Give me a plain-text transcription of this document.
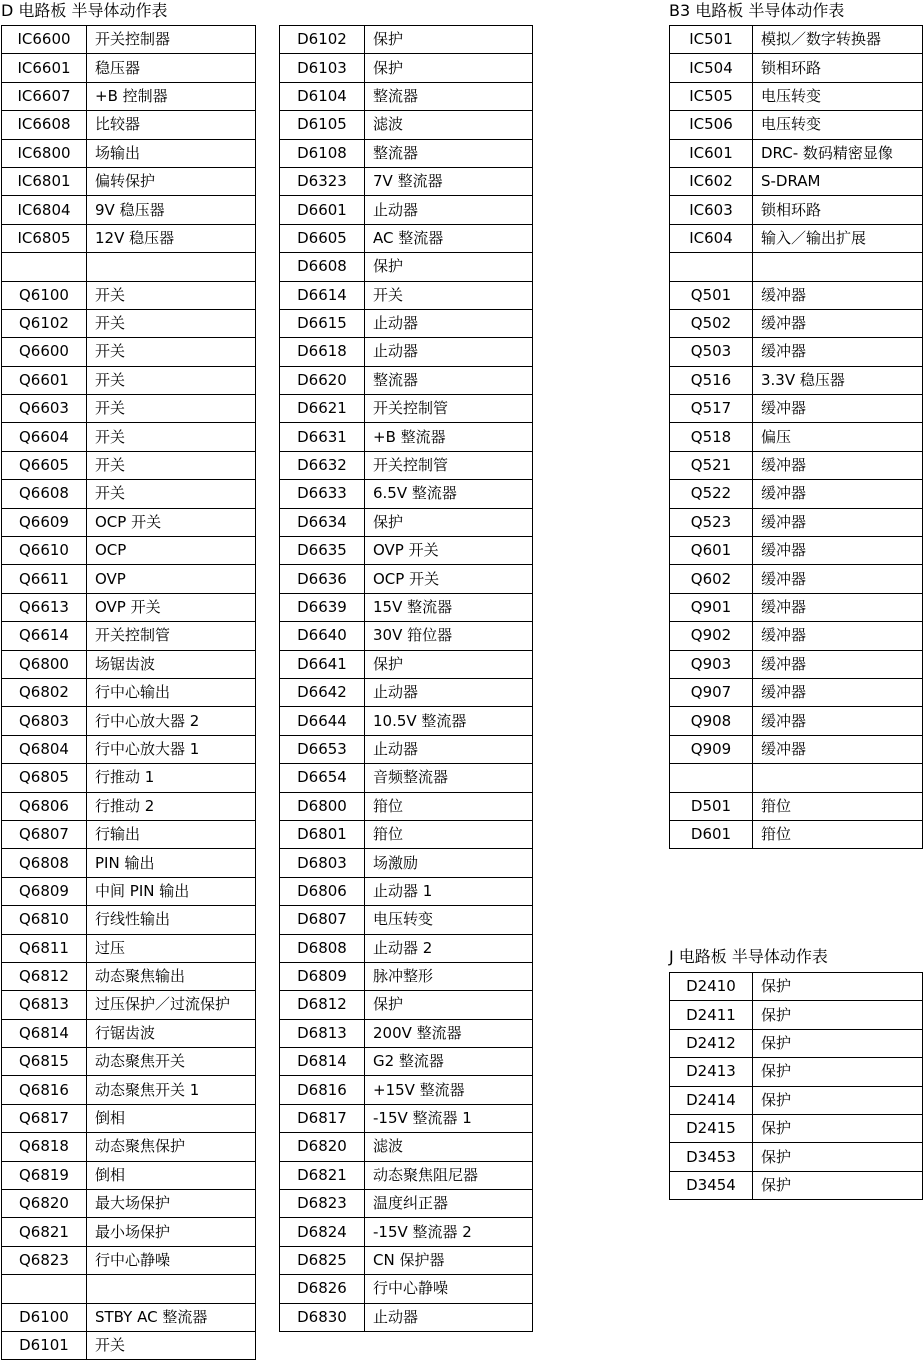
D 电路板 半导体动作表
IC6600	开关控制器
IC6601	稳压器
IC6607	+B 控制器
IC6608	比较器
IC6800	场输出
IC6801	偏转保护
IC6804	9V 稳压器
IC6805	12V 稳压器

Q6100	开关
Q6102	开关
Q6600	开关
Q6601	开关
Q6603	开关
Q6604	开关
Q6605	开关
Q6608	开关
Q6609	OCP 开关
Q6610	OCP
Q6611	OVP
Q6613	OVP 开关
Q6614	开关控制管
Q6800	场锯齿波
Q6802	行中心输出
Q6803	行中心放大器 2
Q6804	行中心放大器 1
Q6805	行推动 1
Q6806	行推动 2
Q6807	行输出
Q6808	PIN 输出
Q6809	中间 PIN 输出
Q6810	行线性输出
Q6811	过压
Q6812	动态聚焦输出
Q6813	过压保护／过流保护
Q6814	行锯齿波
Q6815	动态聚焦开关
Q6816	动态聚焦开关 1
Q6817	倒相
Q6818	动态聚焦保护
Q6819	倒相
Q6820	最大场保护
Q6821	最小场保护
Q6823	行中心静噪

D6100	STBY AC 整流器
D6101	开关
D6102	保护
D6103	保护
D6104	整流器
D6105	滤波
D6108	整流器
D6323	7V 整流器
D6601	止动器
D6605	AC 整流器
D6608	保护
D6614	开关
D6615	止动器
D6618	止动器
D6620	整流器
D6621	开关控制管
D6631	+B 整流器
D6632	开关控制管
D6633	6.5V 整流器
D6634	保护
D6635	OVP 开关
D6636	OCP 开关
D6639	15V 整流器
D6640	30V 箝位器
D6641	保护
D6642	止动器
D6644	10.5V 整流器
D6653	止动器
D6654	音频整流器
D6800	箝位
D6801	箝位
D6803	场激励
D6806	止动器 1
D6807	电压转变
D6808	止动器 2
D6809	脉冲整形
D6812	保护
D6813	200V 整流器
D6814	G2 整流器
D6816	+15V 整流器
D6817	-15V 整流器 1
D6820	滤波
D6821	动态聚焦阻尼器
D6823	温度纠正器
D6824	-15V 整流器 2
D6825	CN 保护器
D6826	行中心静噪
D6830	止动器
B3 电路板 半导体动作表
IC501	模拟／数字转换器
IC504	锁相环路
IC505	电压转变
IC506	电压转变
IC601	DRC- 数码精密显像
IC602	S-DRAM
IC603	锁相环路
IC604	输入／输出扩展

Q501	缓冲器
Q502	缓冲器
Q503	缓冲器
Q516	3.3V 稳压器
Q517	缓冲器
Q518	偏压
Q521	缓冲器
Q522	缓冲器
Q523	缓冲器
Q601	缓冲器
Q602	缓冲器
Q901	缓冲器
Q902	缓冲器
Q903	缓冲器
Q907	缓冲器
Q908	缓冲器
Q909	缓冲器

D501	箝位
D601	箝位
J 电路板 半导体动作表
D2410	保护
D2411	保护
D2412	保护
D2413	保护
D2414	保护
D2415	保护
D3453	保护
D3454	保护
